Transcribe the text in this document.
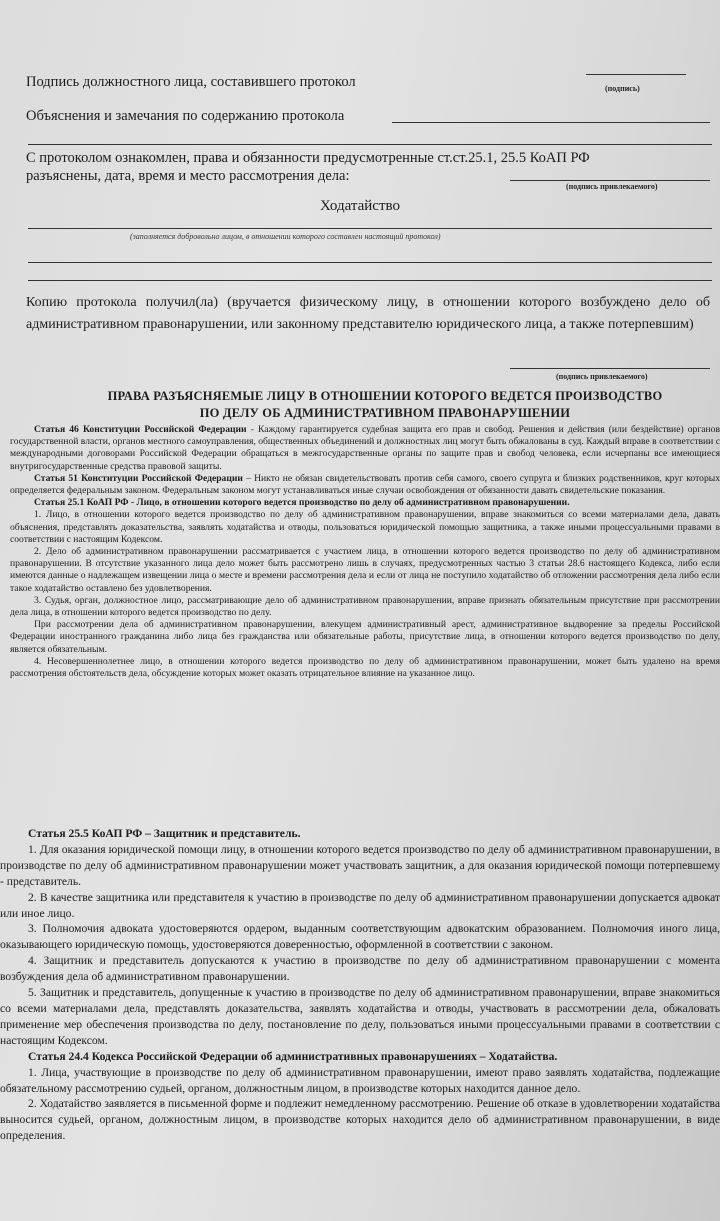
Подпись должностного лица, составившего протокол	(подпись)
Объяснения и замечания по содержанию протокола
С протоколом ознакомлен, права и обязанности предусмотренные ст.ст.25.1, 25.5 КоАП РФ
разъяснены, дата, время и место рассмотрения дела:
(подпись привлекаемого)
Ходатайство
(заполняется добровольно лицом, в отношении которого составлен настоящий протокол)
Копию протокола получил(ла) (вручается физическому лицу, в отношении которого возбуждено дело об административном правонарушении, или законному представителю юридического лица, а также потерпевшим)
(подпись привлекаемого)
ПРАВА РАЗЪЯСНЯЕМЫЕ ЛИЦУ В ОТНОШЕНИИ КОТОРОГО ВЕДЕТСЯ ПРОИЗВОДСТВО
ПО ДЕЛУ ОБ АДМИНИСТРАТИВНОМ ПРАВОНАРУШЕНИИ

Статья 46 Конституции Российской Федерации - Каждому гарантируется судебная защита его прав и свобод. Решения и действия (или бездействие) органов государственной власти, органов местного самоуправления, общественных объединений и должностных лиц могут быть обжалованы в суд. Каждый вправе в соответствии с международными договорами Российской Федерации обращаться в межгосударственные органы по защите прав и свобод человека, если исчерпаны все имеющиеся внутригосударственные средства правовой защиты.

Статья 51 Конституции Российской Федерации – Никто не обязан свидетельствовать против себя самого, своего супруга и близких родственников, круг которых определяется федеральным законом. Федеральным законом могут устанавливаться иные случаи освобождения от обязанности давать свидетельские показания.

Статья 25.1 КоАП РФ - Лицо, в отношении которого ведется производство по делу об административном правонарушении.

1. Лицо, в отношении которого ведется производство по делу об административном правонарушении, вправе знакомиться со всеми материалами дела, давать объяснения, представлять доказательства, заявлять ходатайства и отводы, пользоваться юридической помощью защитника, а также иными процессуальными правами в соответствии с настоящим Кодексом.

2. Дело об административном правонарушении рассматривается с участием лица, в отношении которого ведется производство по делу об административном правонарушении. В отсутствие указанного лица дело может быть рассмотрено лишь в случаях, предусмотренных частью 3 статьи 28.6 настоящего Кодекса, либо если имеются данные о надлежащем извещении лица о месте и времени рассмотрения дела и если от лица не поступило ходатайство об отложении рассмотрения дела либо если такое ходатайство оставлено без удовлетворения.

3. Судья, орган, должностное лицо, рассматривающие дело об административном правонарушении, вправе признать обязательным присутствие при рассмотрении дела лица, в отношении которого ведется производство по делу.

При рассмотрении дела об административном правонарушении, влекущем административный арест, административное выдворение за пределы Российской Федерации иностранного гражданина либо лица без гражданства или обязательные работы, присутствие лица, в отношении которого ведется производство по делу, является обязательным.

4. Несовершеннолетнее лицо, в отношении которого ведется производство по делу об административном правонарушении, может быть удалено на время рассмотрения обстоятельств дела, обсуждение которых может оказать отрицательное влияние на указанное лицо.

Статья 25.5 КоАП РФ – Защитник и представитель.

1. Для оказания юридической помощи лицу, в отношении которого ведется производство по делу об административном правонарушении, в производстве по делу об административном правонарушении может участвовать защитник, а для оказания юридической помощи потерпевшему - представитель.

2. В качестве защитника или представителя к участию в производстве по делу об административном правонарушении допускается адвокат или иное лицо.

3. Полномочия адвоката удостоверяются ордером, выданным соответствующим адвокатским образованием. Полномочия иного лица, оказывающего юридическую помощь, удостоверяются доверенностью, оформленной в соответствии с законом.

4. Защитник и представитель допускаются к участию в производстве по делу об административном правонарушении с момента возбуждения дела об административном правонарушении.

5. Защитник и представитель, допущенные к участию в производстве по делу об административном правонарушении, вправе знакомиться со всеми материалами дела, представлять доказательства, заявлять ходатайства и отводы, участвовать в рассмотрении дела, обжаловать применение мер обеспечения производства по делу, постановление по делу, пользоваться иными процессуальными правами в соответствии с настоящим Кодексом.

Статья 24.4 Кодекса Российской Федерации об административных правонарушениях – Ходатайства.

1. Лица, участвующие в производстве по делу об административном правонарушении, имеют право заявлять ходатайства, подлежащие обязательному рассмотрению судьей, органом, должностным лицом, в производстве которых находится данное дело.

2. Ходатайство заявляется в письменной форме и подлежит немедленному рассмотрению. Решение об отказе в удовлетворении ходатайства выносится судьей, органом, должностным лицом, в производстве которых находится дело об административном правонарушении, в виде определения.
